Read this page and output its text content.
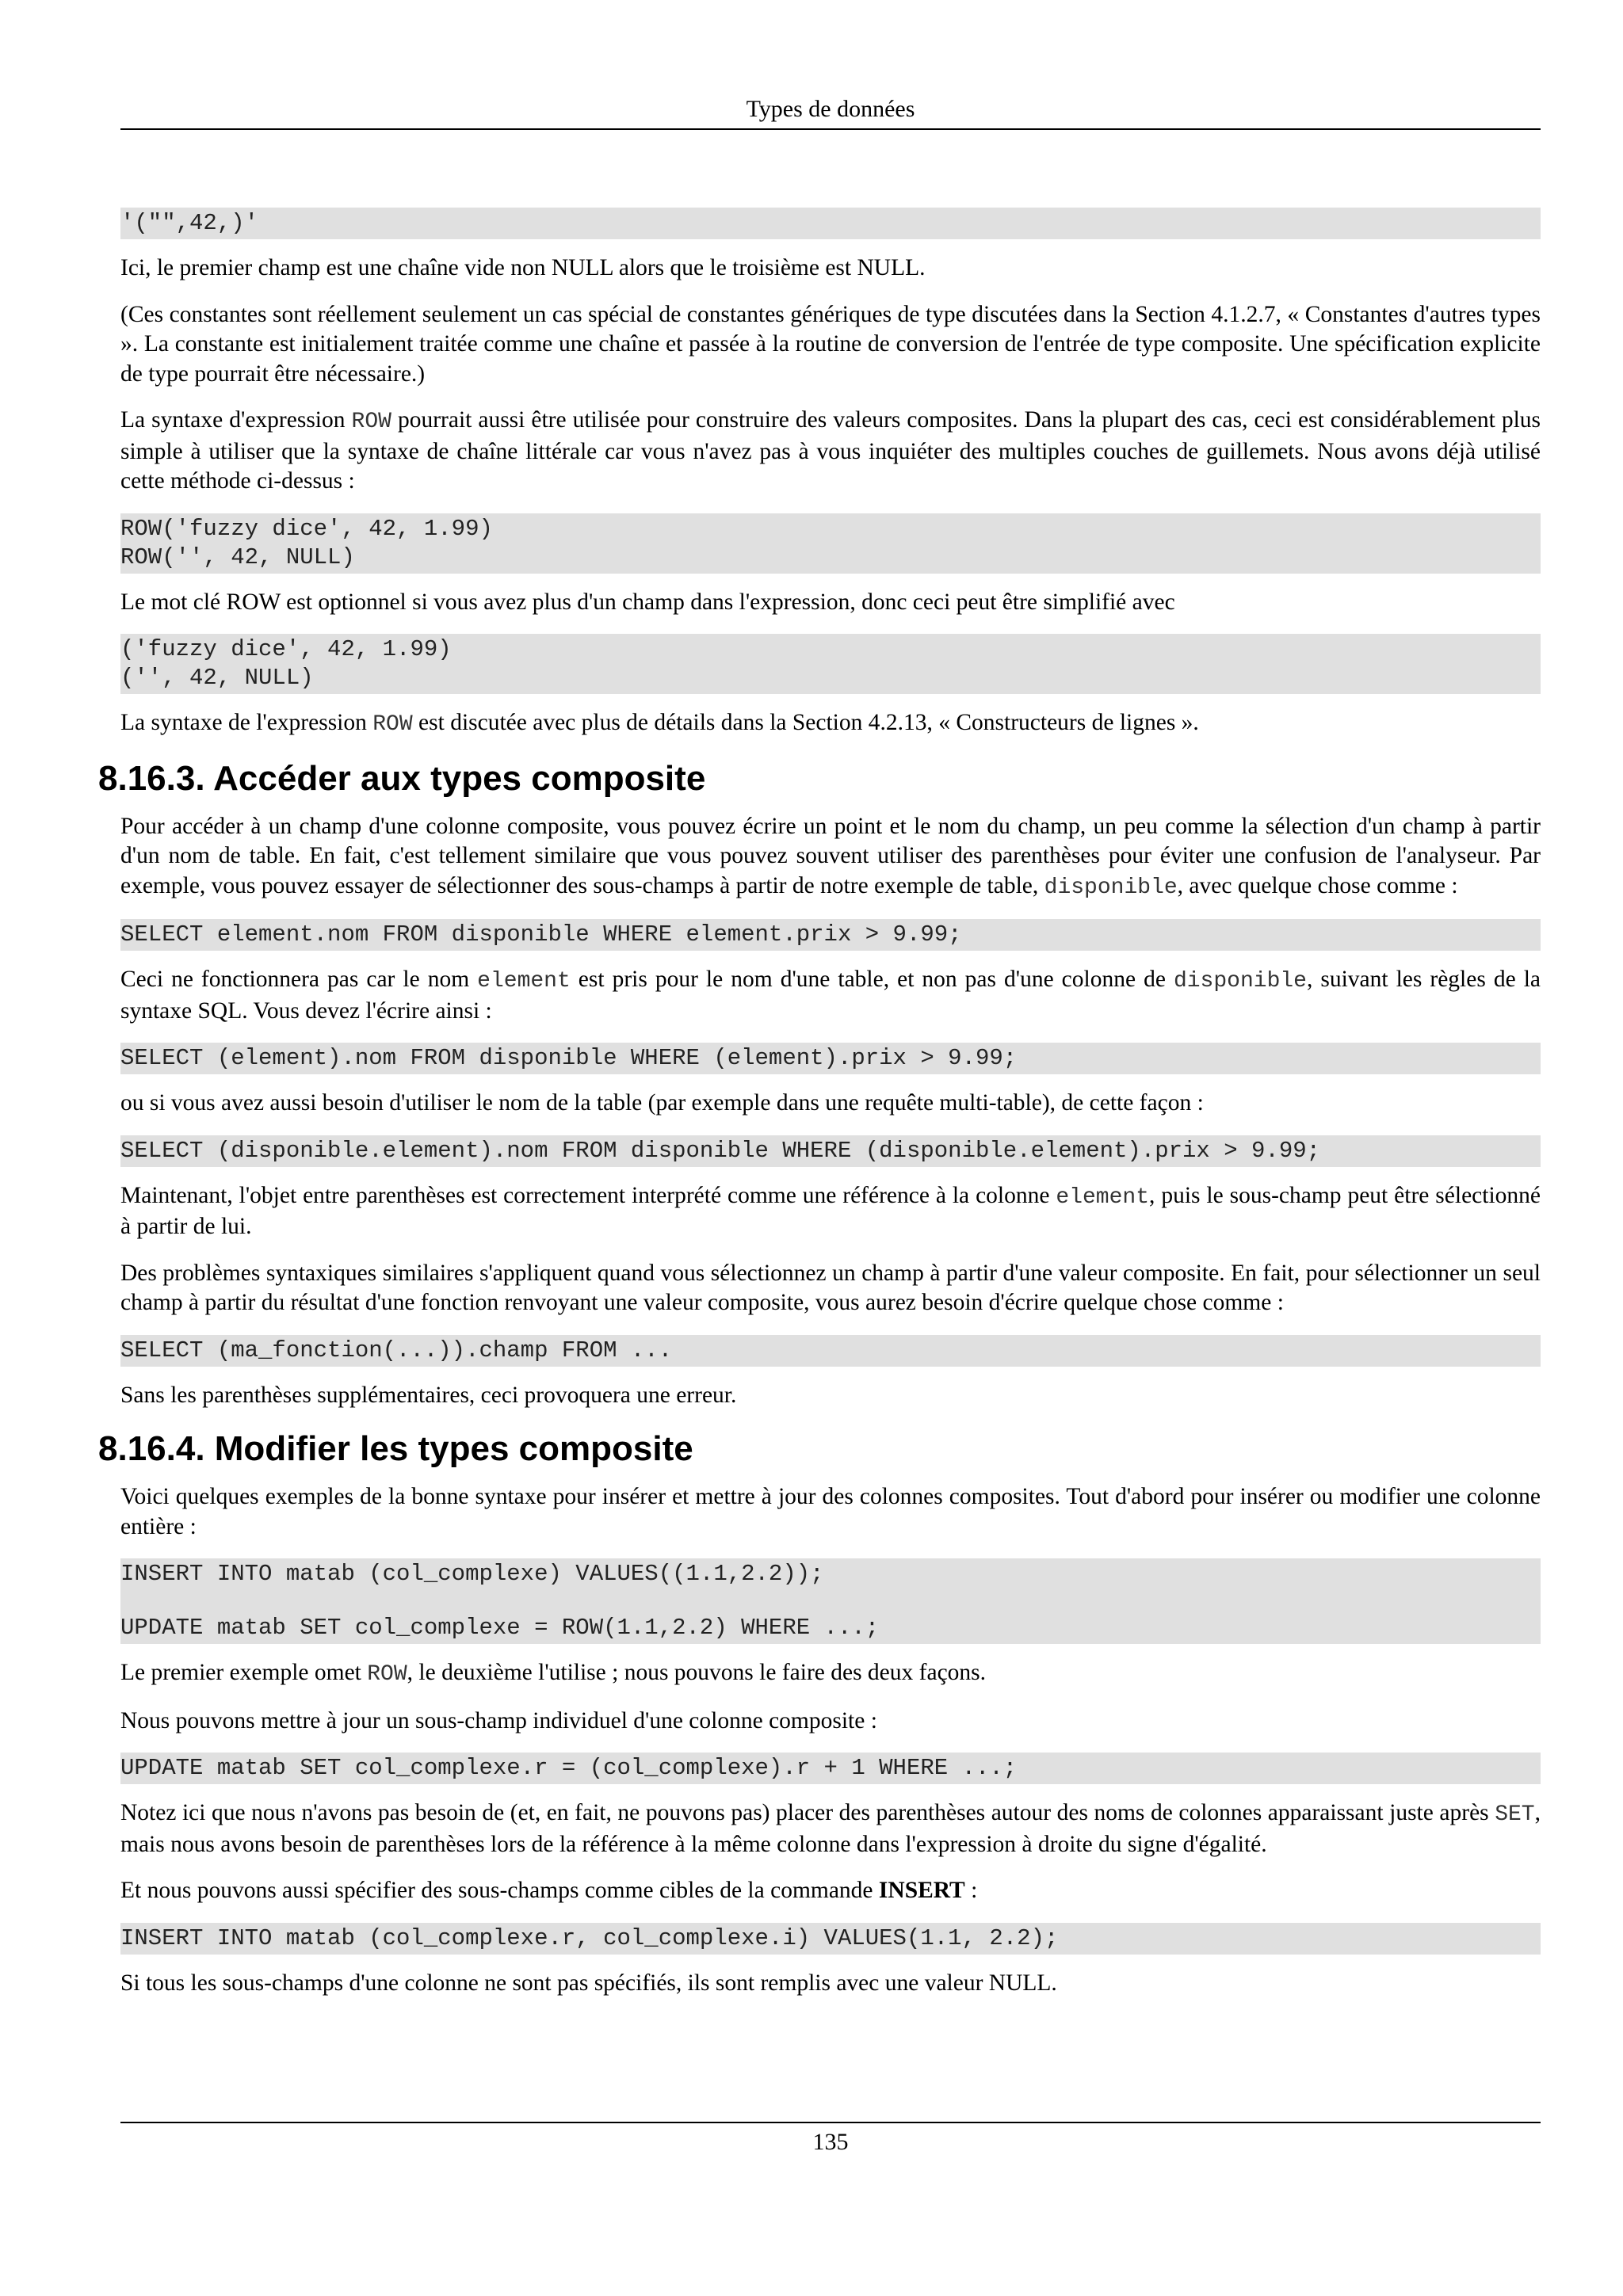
Types de données
'("",42,)'

Ici, le premier champ est une chaîne vide non NULL alors que le troisième est NULL.

(Ces constantes sont réellement seulement un cas spécial de constantes génériques de type discutées dans la Section 4.1.2.7, « Constantes d'autres types ». La constante est initialement traitée comme une chaîne et passée à la routine de conversion de l'entrée de type composite. Une spécification explicite de type pourrait être nécessaire.)

La syntaxe d'expression ROW pourrait aussi être utilisée pour construire des valeurs composites. Dans la plupart des cas, ceci est considérablement plus simple à utiliser que la syntaxe de chaîne littérale car vous n'avez pas à vous inquiéter des multiples couches de guillemets. Nous avons déjà utilisé cette méthode ci-dessus :

ROW('fuzzy dice', 42, 1.99)
ROW('', 42, NULL)

Le mot clé ROW est optionnel si vous avez plus d'un champ dans l'expression, donc ceci peut être simplifié avec

('fuzzy dice', 42, 1.99)
('', 42, NULL)

La syntaxe de l'expression ROW est discutée avec plus de détails dans la Section 4.2.13, « Constructeurs de lignes ».

8.16.3. Accéder aux types composite

Pour accéder à un champ d'une colonne composite, vous pouvez écrire un point et le nom du champ, un peu comme la sélection d'un champ à partir d'un nom de table. En fait, c'est tellement similaire que vous pouvez souvent utiliser des parenthèses pour éviter une confusion de l'analyseur. Par exemple, vous pouvez essayer de sélectionner des sous-champs à partir de notre exemple de table, disponible, avec quelque chose comme :

SELECT element.nom FROM disponible WHERE element.prix > 9.99;

Ceci ne fonctionnera pas car le nom element est pris pour le nom d'une table, et non pas d'une colonne de disponible, suivant les règles de la syntaxe SQL. Vous devez l'écrire ainsi :

SELECT (element).nom FROM disponible WHERE (element).prix > 9.99;

ou si vous avez aussi besoin d'utiliser le nom de la table (par exemple dans une requête multi-table), de cette façon :

SELECT (disponible.element).nom FROM disponible WHERE (disponible.element).prix > 9.99;

Maintenant, l'objet entre parenthèses est correctement interprété comme une référence à la colonne element, puis le sous-champ peut être sélectionné à partir de lui.

Des problèmes syntaxiques similaires s'appliquent quand vous sélectionnez un champ à partir d'une valeur composite. En fait, pour sélectionner un seul champ à partir du résultat d'une fonction renvoyant une valeur composite, vous aurez besoin d'écrire quelque chose comme :

SELECT (ma_fonction(...)).champ FROM ...

Sans les parenthèses supplémentaires, ceci provoquera une erreur.

8.16.4. Modifier les types composite

Voici quelques exemples de la bonne syntaxe pour insérer et mettre à jour des colonnes composites. Tout d'abord pour insérer ou modifier une colonne entière :

INSERT INTO matab (col_complexe) VALUES((1.1,2.2));
UPDATE matab SET col_complexe = ROW(1.1,2.2) WHERE ...;

Le premier exemple omet ROW, le deuxième l'utilise ; nous pouvons le faire des deux façons.

Nous pouvons mettre à jour un sous-champ individuel d'une colonne composite :

UPDATE matab SET col_complexe.r = (col_complexe).r + 1 WHERE ...;

Notez ici que nous n'avons pas besoin de (et, en fait, ne pouvons pas) placer des parenthèses autour des noms de colonnes apparaissant juste après SET, mais nous avons besoin de parenthèses lors de la référence à la même colonne dans l'expression à droite du signe d'égalité.

Et nous pouvons aussi spécifier des sous-champs comme cibles de la commande INSERT :

INSERT INTO matab (col_complexe.r, col_complexe.i) VALUES(1.1, 2.2);

Si tous les sous-champs d'une colonne ne sont pas spécifiés, ils sont remplis avec une valeur NULL.

135
